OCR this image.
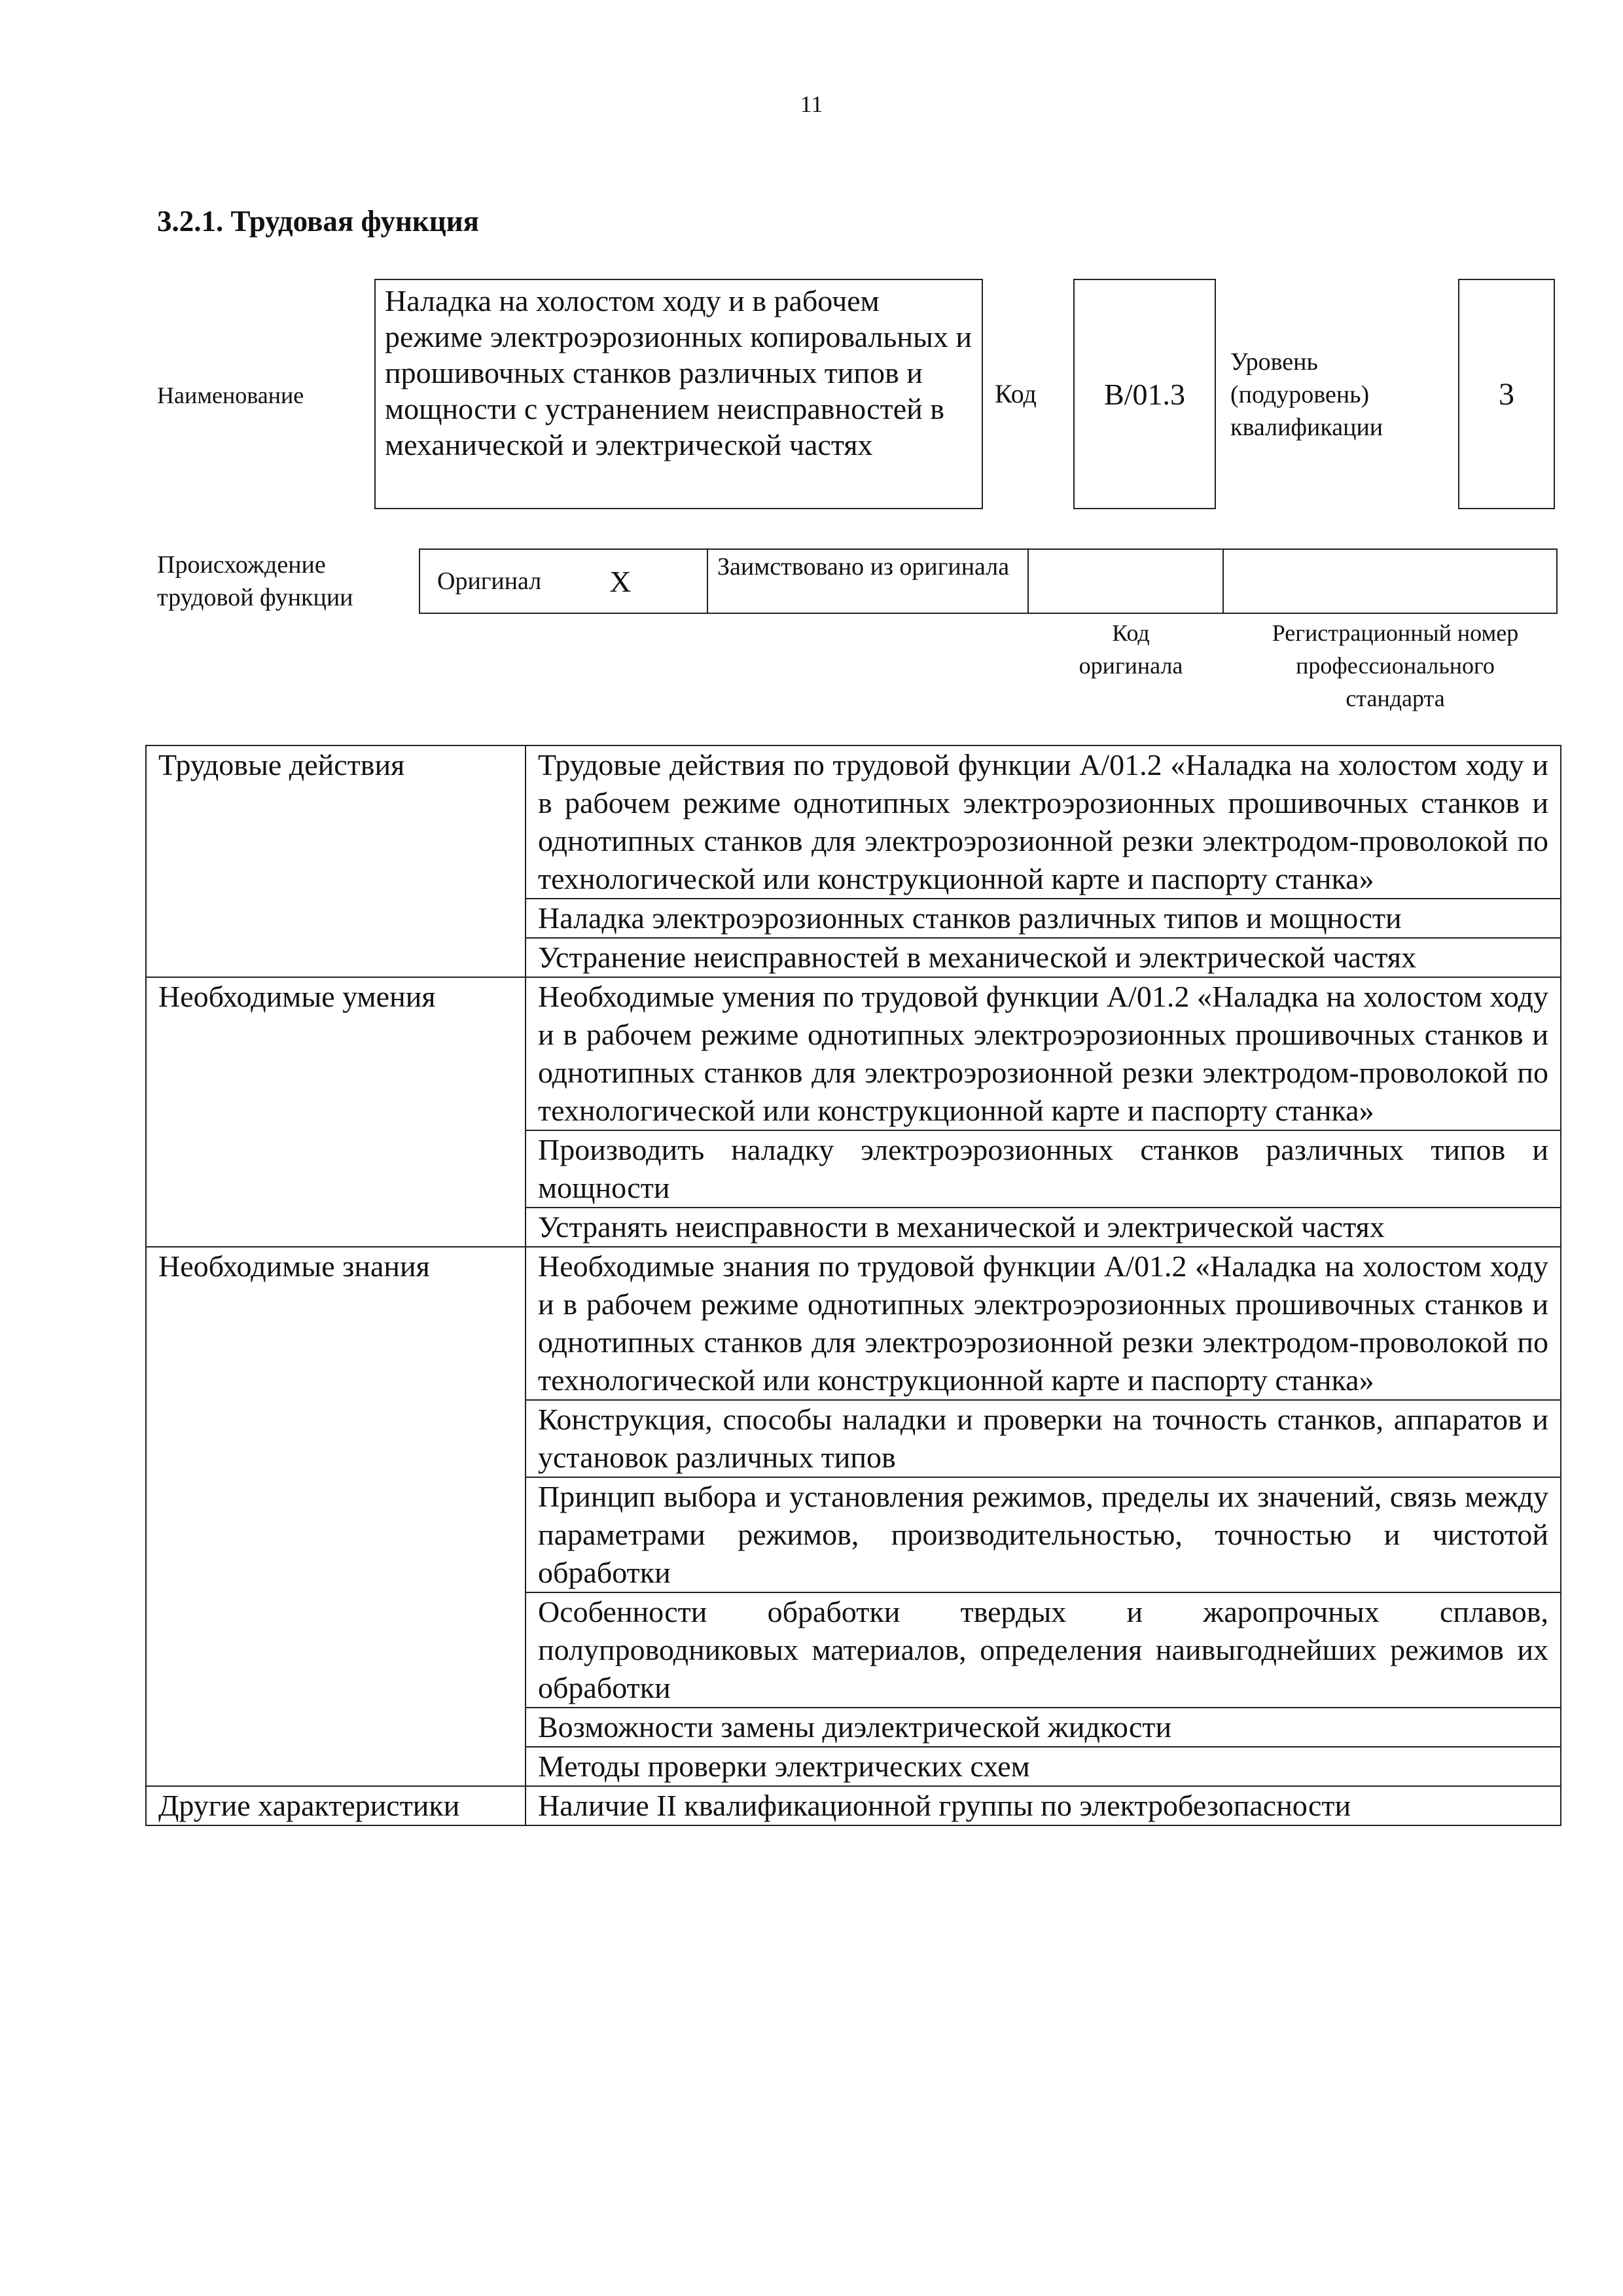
11
3.2.1. Трудовая функция
Наименование
Наладка на холостом ходу и в рабочем режиме электроэрозионных копировальных и прошивочных станков различных типов и мощности с устранением неисправностей в механической и электрической частях
Код B/01.3
Уровень
(подуровень)
квалификации
3
Происхождение
трудовой функции
Оригинал X	Заимствовано из оригинала
Код
оригинала
Регистрационный номер
профессионального
стандарта
Трудовые действия	Трудовые действия по трудовой функции А/01.2 «Наладка на холостом ходу и в рабочем режиме однотипных электроэрозионных прошивочных станков и однотипных станков для электроэрозионной резки электродом-проволокой по технологической или конструкционной карте и паспорту станка»
	Наладка электроэрозионных станков различных типов и мощности
	Устранение неисправностей в механической и электрической частях
Необходимые умения	Необходимые умения по трудовой функции А/01.2 «Наладка на холостом ходу и в рабочем режиме однотипных электроэрозионных прошивочных станков и однотипных станков для электроэрозионной резки электродом-проволокой по технологической или конструкционной карте и паспорту станка»
	Производить наладку электроэрозионных станков различных типов и мощности
	Устранять неисправности в механической и электрической частях
Необходимые знания	Необходимые знания по трудовой функции А/01.2 «Наладка на холостом ходу и в рабочем режиме однотипных электроэрозионных прошивочных станков и однотипных станков для электроэрозионной резки электродом-проволокой по технологической или конструкционной карте и паспорту станка»
	Конструкция, способы наладки и проверки на точность станков, аппаратов и установок различных типов
	Принцип выбора и установления режимов, пределы их значений, связь между параметрами режимов, производительностью, точностью и чистотой обработки
	Особенности обработки твердых и жаропрочных сплавов, полупроводниковых материалов, определения наивыгоднейших режимов их обработки
	Возможности замены диэлектрической жидкости
	Методы проверки электрических схем
Другие характеристики	Наличие II квалификационной группы по электробезопасности
